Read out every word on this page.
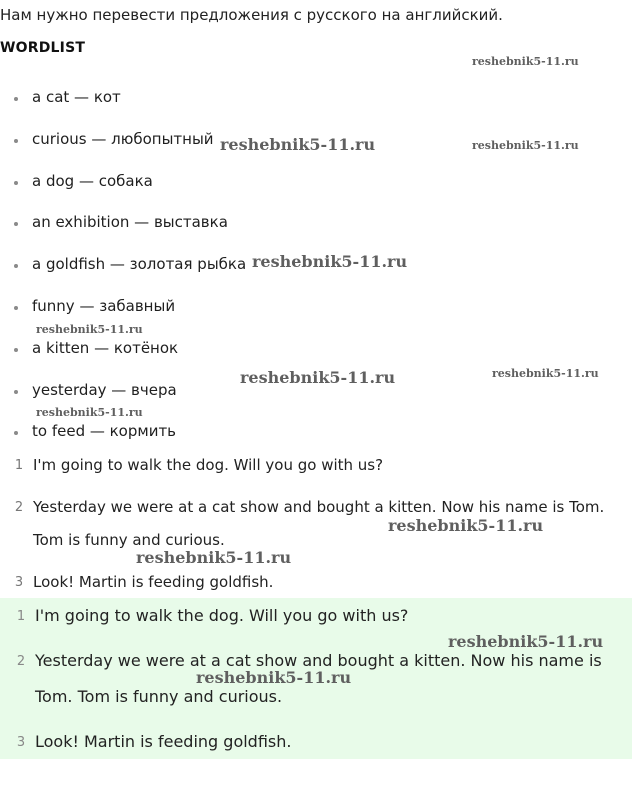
Нам нужно перевести предложения с русского на английский.
WORDLIST
a cat — кот
curious — любопытный
a dog — собака
an exhibition — выставка
a goldfish — золотая рыбка
funny — забавный
a kitten — котёнок
yesterday — вчера
to feed — кормить
1 I'm going to walk the dog. Will you go with us?
2 Yesterday we were at a cat show and bought a kitten. Now his name is Tom.
Tom is funny and curious.
3 Look! Martin is feeding goldfish.
1 I'm going to walk the dog. Will you go with us?
2 Yesterday we were at a cat show and bought a kitten. Now his name is
Tom. Tom is funny and curious.
3 Look! Martin is feeding goldfish.
reshebnik5-11.ru
reshebnik5-11.ru	reshebnik5-11.ru
reshebnik5-11.ru
reshebnik5-11.ru
reshebnik5-11.ru	reshebnik5-11.ru
reshebnik5-11.ru
reshebnik5-11.ru
reshebnik5-11.ru
reshebnik5-11.ru
reshebnik5-11.ru
